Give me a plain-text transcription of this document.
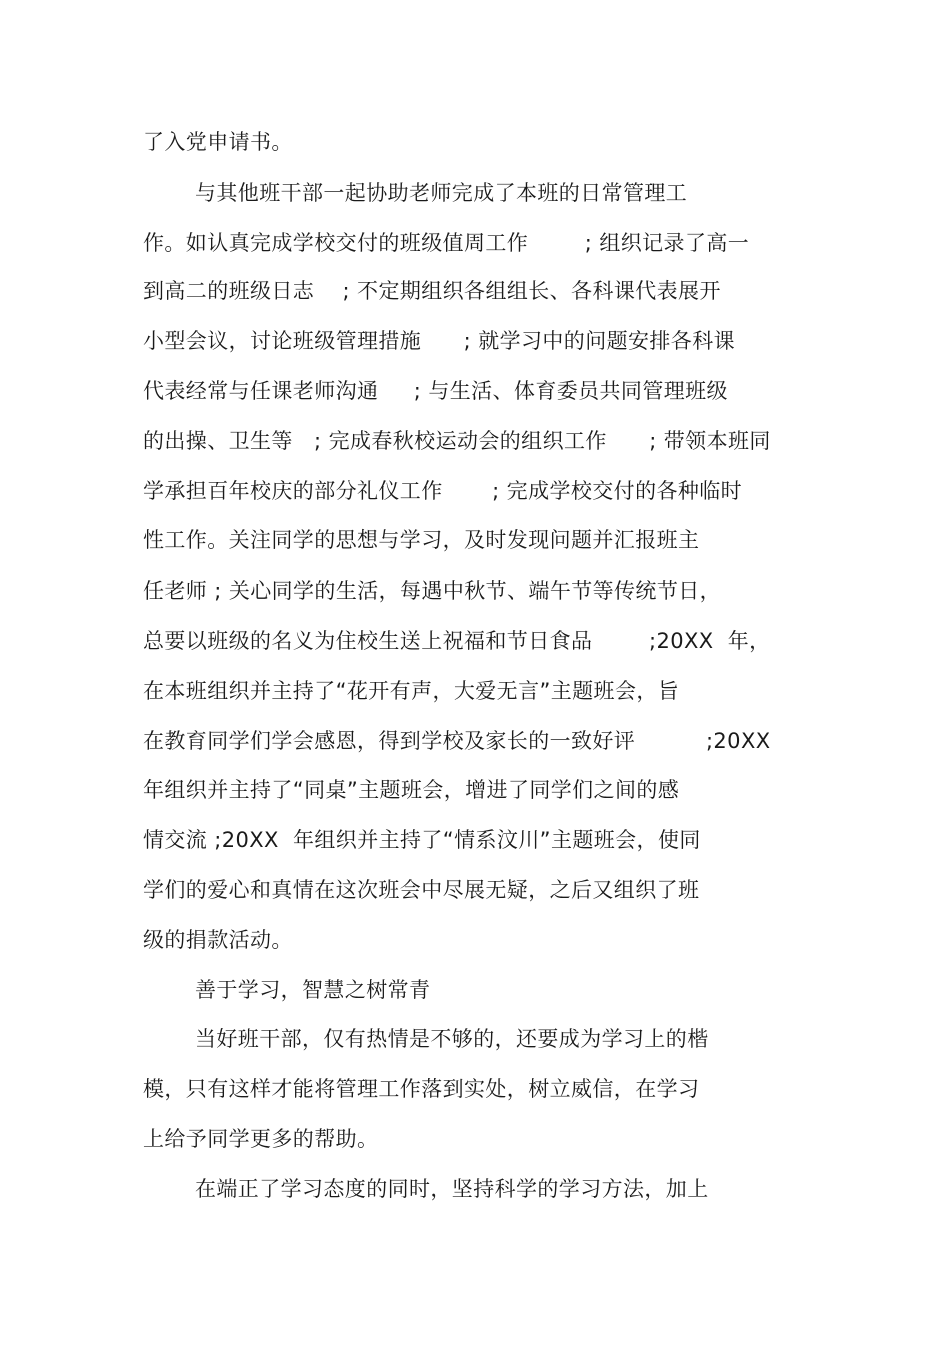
了入党申请书。
与其他班干部一起协助老师完成了本班的日常管理工
作。如认真完成学校交付的班级值周工作        ; 组织记录了高一
到高二的班级日志    ; 不定期组织各组组长、各科课代表展开
小型会议，讨论班级管理措施      ; 就学习中的问题安排各科课
代表经常与任课老师沟通     ; 与生活、体育委员共同管理班级
的出操、卫生等   ; 完成春秋校运动会的组织工作      ; 带领本班同
学承担百年校庆的部分礼仪工作       ; 完成学校交付的各种临时
性工作。关注同学的思想与学习，及时发现问题并汇报班主
任老师 ; 关心同学的生活，每遇中秋节、端午节等传统节日，
总要以班级的名义为住校生送上祝福和节日食品        ;20XX  年，
在本班组织并主持了“花开有声，大爱无言”主题班会，旨
在教育同学们学会感恩，得到学校及家长的一致好评          ;20XX
年组织并主持了“同桌”主题班会，增进了同学们之间的感
情交流 ;20XX  年组织并主持了“情系汶川”主题班会，使同
学们的爱心和真情在这次班会中尽展无疑，之后又组织了班
级的捐款活动。
善于学习，智慧之树常青
当好班干部，仅有热情是不够的，还要成为学习上的楷
模，只有这样才能将管理工作落到实处，树立威信，在学习
上给予同学更多的帮助。
在端正了学习态度的同时，坚持科学的学习方法，加上
